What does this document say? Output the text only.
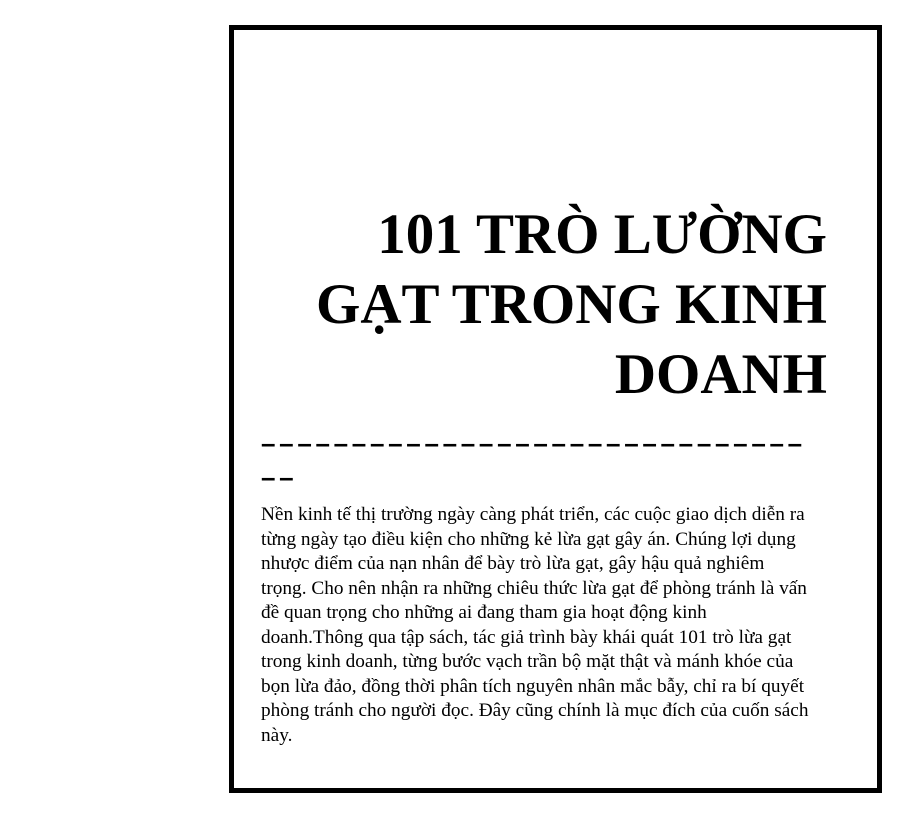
101 TRÒ LƯỜNG GẠT TRONG KINH DOANH
––––––––––––––––––––––––––––––––

Nền kinh tế thị trường ngày càng phát triển, các cuộc giao dịch diễn ra từng ngày tạo điều kiện cho những kẻ lừa gạt gây án. Chúng lợi dụng nhược điểm của nạn nhân để bày trò lừa gạt, gây hậu quả nghiêm trọng. Cho nên nhận ra những chiêu thức lừa gạt để phòng tránh là vấn đề quan trọng cho những ai đang tham gia hoạt động kinh doanh.Thông qua tập sách, tác giả trình bày khái quát 101 trò lừa gạt trong kinh doanh, từng bước vạch trần bộ mặt thật và mánh khóe của bọn lừa đảo, đồng thời phân tích nguyên nhân mắc bẫy, chỉ ra bí quyết phòng tránh cho người đọc. Đây cũng chính là mục đích của cuốn sách này.
